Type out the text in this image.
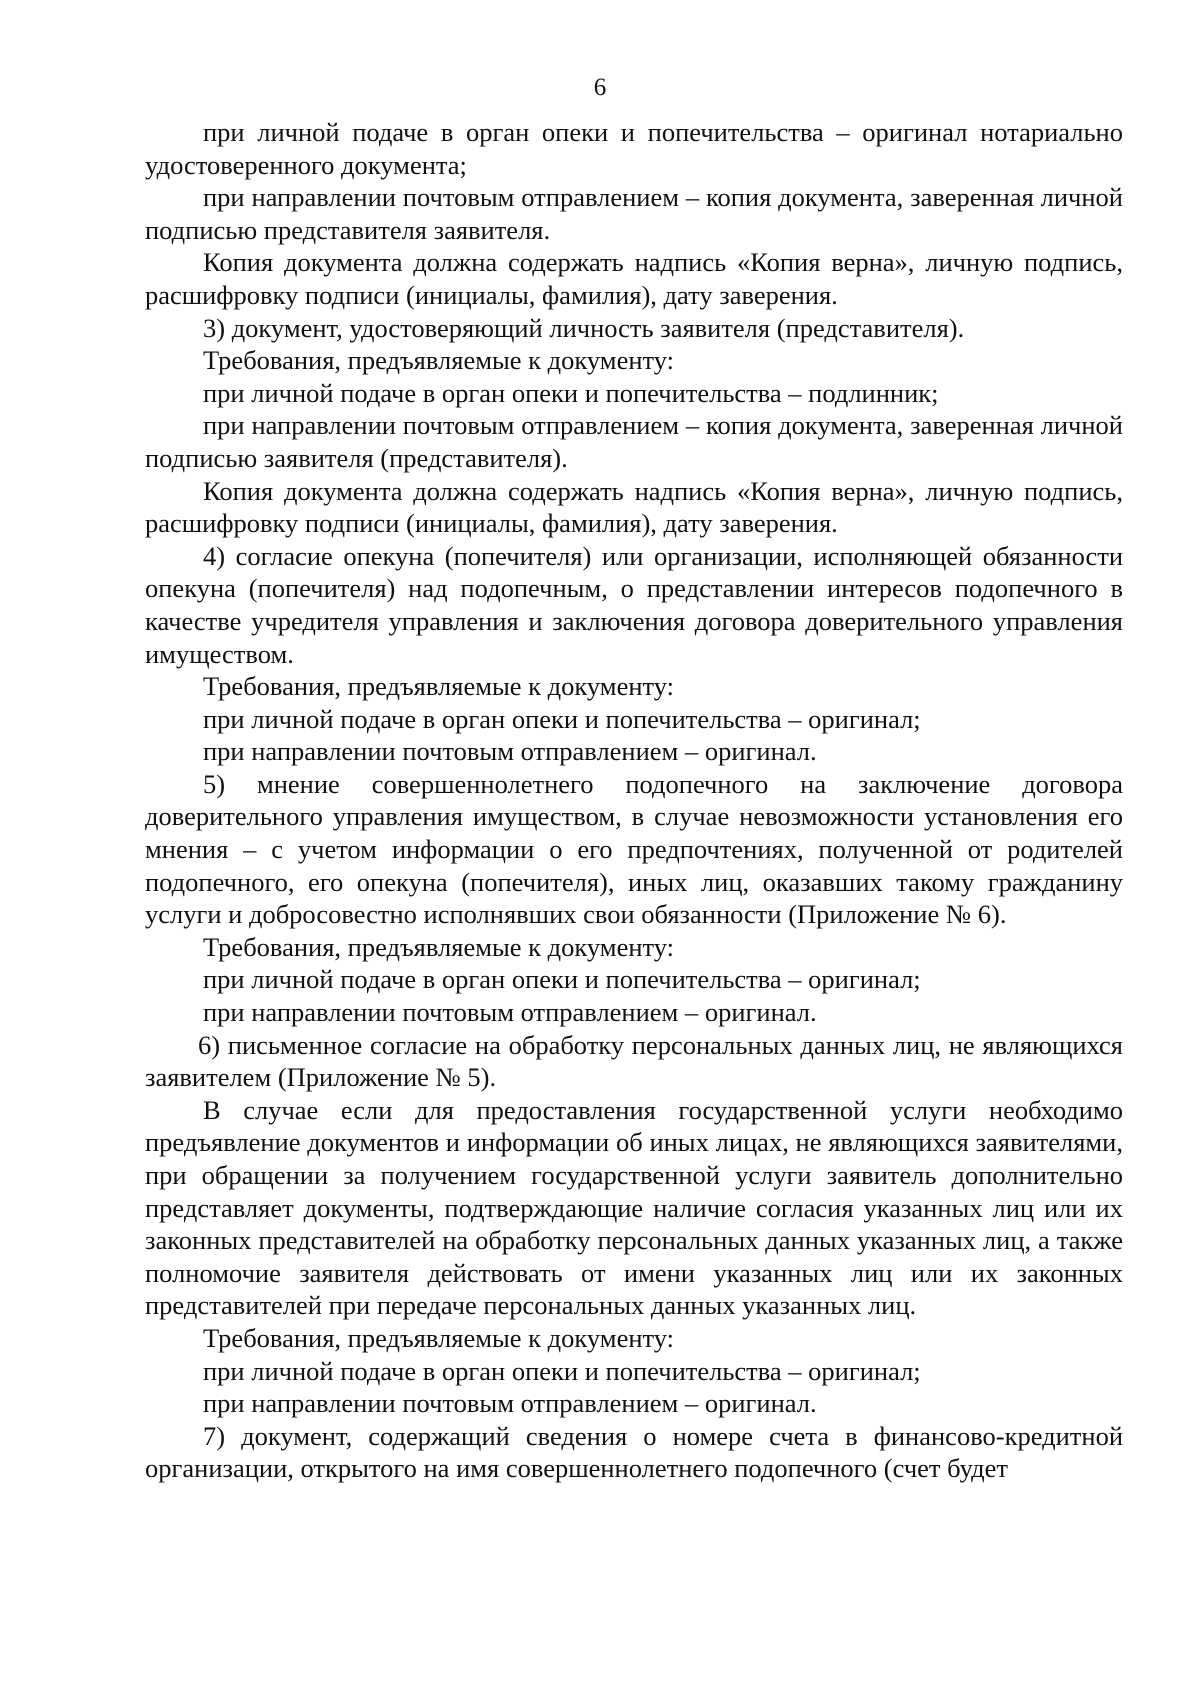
6

при личной подаче в орган опеки и попечительства – оригинал нотариально удостоверенного документа;

при направлении почтовым отправлением – копия документа, заверенная личной подписью представителя заявителя.

Копия документа должна содержать надпись «Копия верна», личную подпись, расшифровку подписи (инициалы, фамилия), дату заверения.

3) документ, удостоверяющий личность заявителя (представителя).

Требования, предъявляемые к документу:

при личной подаче в орган опеки и попечительства – подлинник;

при направлении почтовым отправлением – копия документа, заверенная личной подписью заявителя (представителя).

Копия документа должна содержать надпись «Копия верна», личную подпись, расшифровку подписи (инициалы, фамилия), дату заверения.

4) согласие опекуна (попечителя) или организации, исполняющей обязанности опекуна (попечителя) над подопечным, о представлении интересов подопечного в качестве учредителя управления и заключения договора доверительного управления имуществом.

Требования, предъявляемые к документу:

при личной подаче в орган опеки и попечительства – оригинал;

при направлении почтовым отправлением – оригинал.

5) мнение совершеннолетнего подопечного на заключение договора доверительного управления имуществом, в случае невозможности установления его мнения – с учетом информации о его предпочтениях, полученной от родителей подопечного, его опекуна (попечителя), иных лиц, оказавших такому гражданину услуги и добросовестно исполнявших свои обязанности (Приложение № 6).

Требования, предъявляемые к документу:

при личной подаче в орган опеки и попечительства – оригинал;

при направлении почтовым отправлением – оригинал.

6) письменное согласие на обработку персональных данных лиц, не являющихся заявителем (Приложение № 5).

В случае если для предоставления государственной услуги необходимо предъявление документов и информации об иных лицах, не являющихся заявителями, при обращении за получением государственной услуги заявитель дополнительно представляет документы, подтверждающие наличие согласия указанных лиц или их законных представителей на обработку персональных данных указанных лиц, а также полномочие заявителя действовать от имени указанных лиц или их законных представителей при передаче персональных данных указанных лиц.

Требования, предъявляемые к документу:

при личной подаче в орган опеки и попечительства – оригинал;

при направлении почтовым отправлением – оригинал.

7) документ, содержащий сведения о номере счета в финансово-кредитной организации, открытого на имя совершеннолетнего подопечного (счет будет
